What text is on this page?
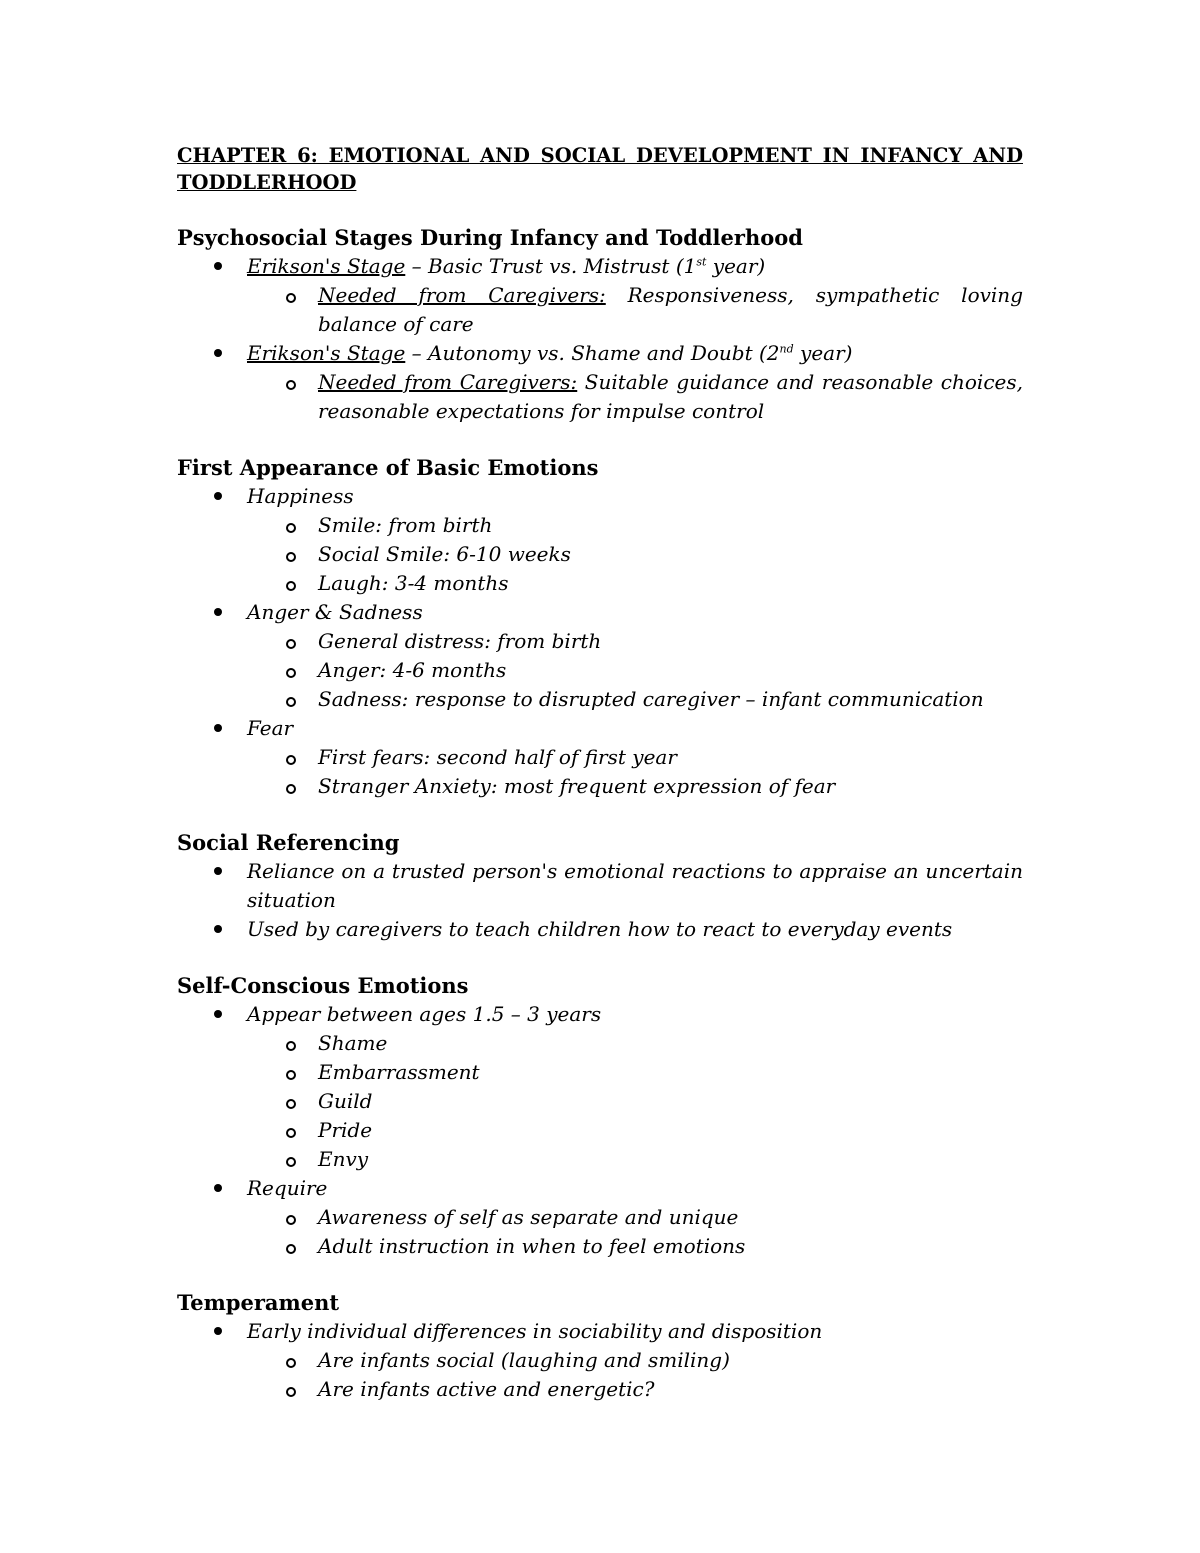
CHAPTER 6: EMOTIONAL AND SOCIAL DEVELOPMENT IN INFANCY AND TODDLERHOOD
Psychosocial Stages During Infancy and Toddlerhood
Erikson's Stage – Basic Trust vs. Mistrust (1st year)
Needed from Caregivers: Responsiveness, sympathetic loving balance of care
Erikson's Stage – Autonomy vs. Shame and Doubt (2nd year)
Needed from Caregivers: Suitable guidance and reasonable choices, reasonable expectations for impulse control
First Appearance of Basic Emotions
Happiness
Smile: from birth
Social Smile: 6-10 weeks
Laugh: 3-4 months
Anger & Sadness
General distress: from birth
Anger: 4-6 months
Sadness: response to disrupted caregiver – infant communication
Fear
First fears: second half of first year
Stranger Anxiety: most frequent expression of fear
Social Referencing
Reliance on a trusted person's emotional reactions to appraise an uncertain situation
Used by caregivers to teach children how to react to everyday events
Self-Conscious Emotions
Appear between ages 1.5 – 3 years
Shame
Embarrassment
Guild
Pride
Envy
Require
Awareness of self as separate and unique
Adult instruction in when to feel emotions
Temperament
Early individual differences in sociability and disposition
Are infants social (laughing and smiling)
Are infants active and energetic?
